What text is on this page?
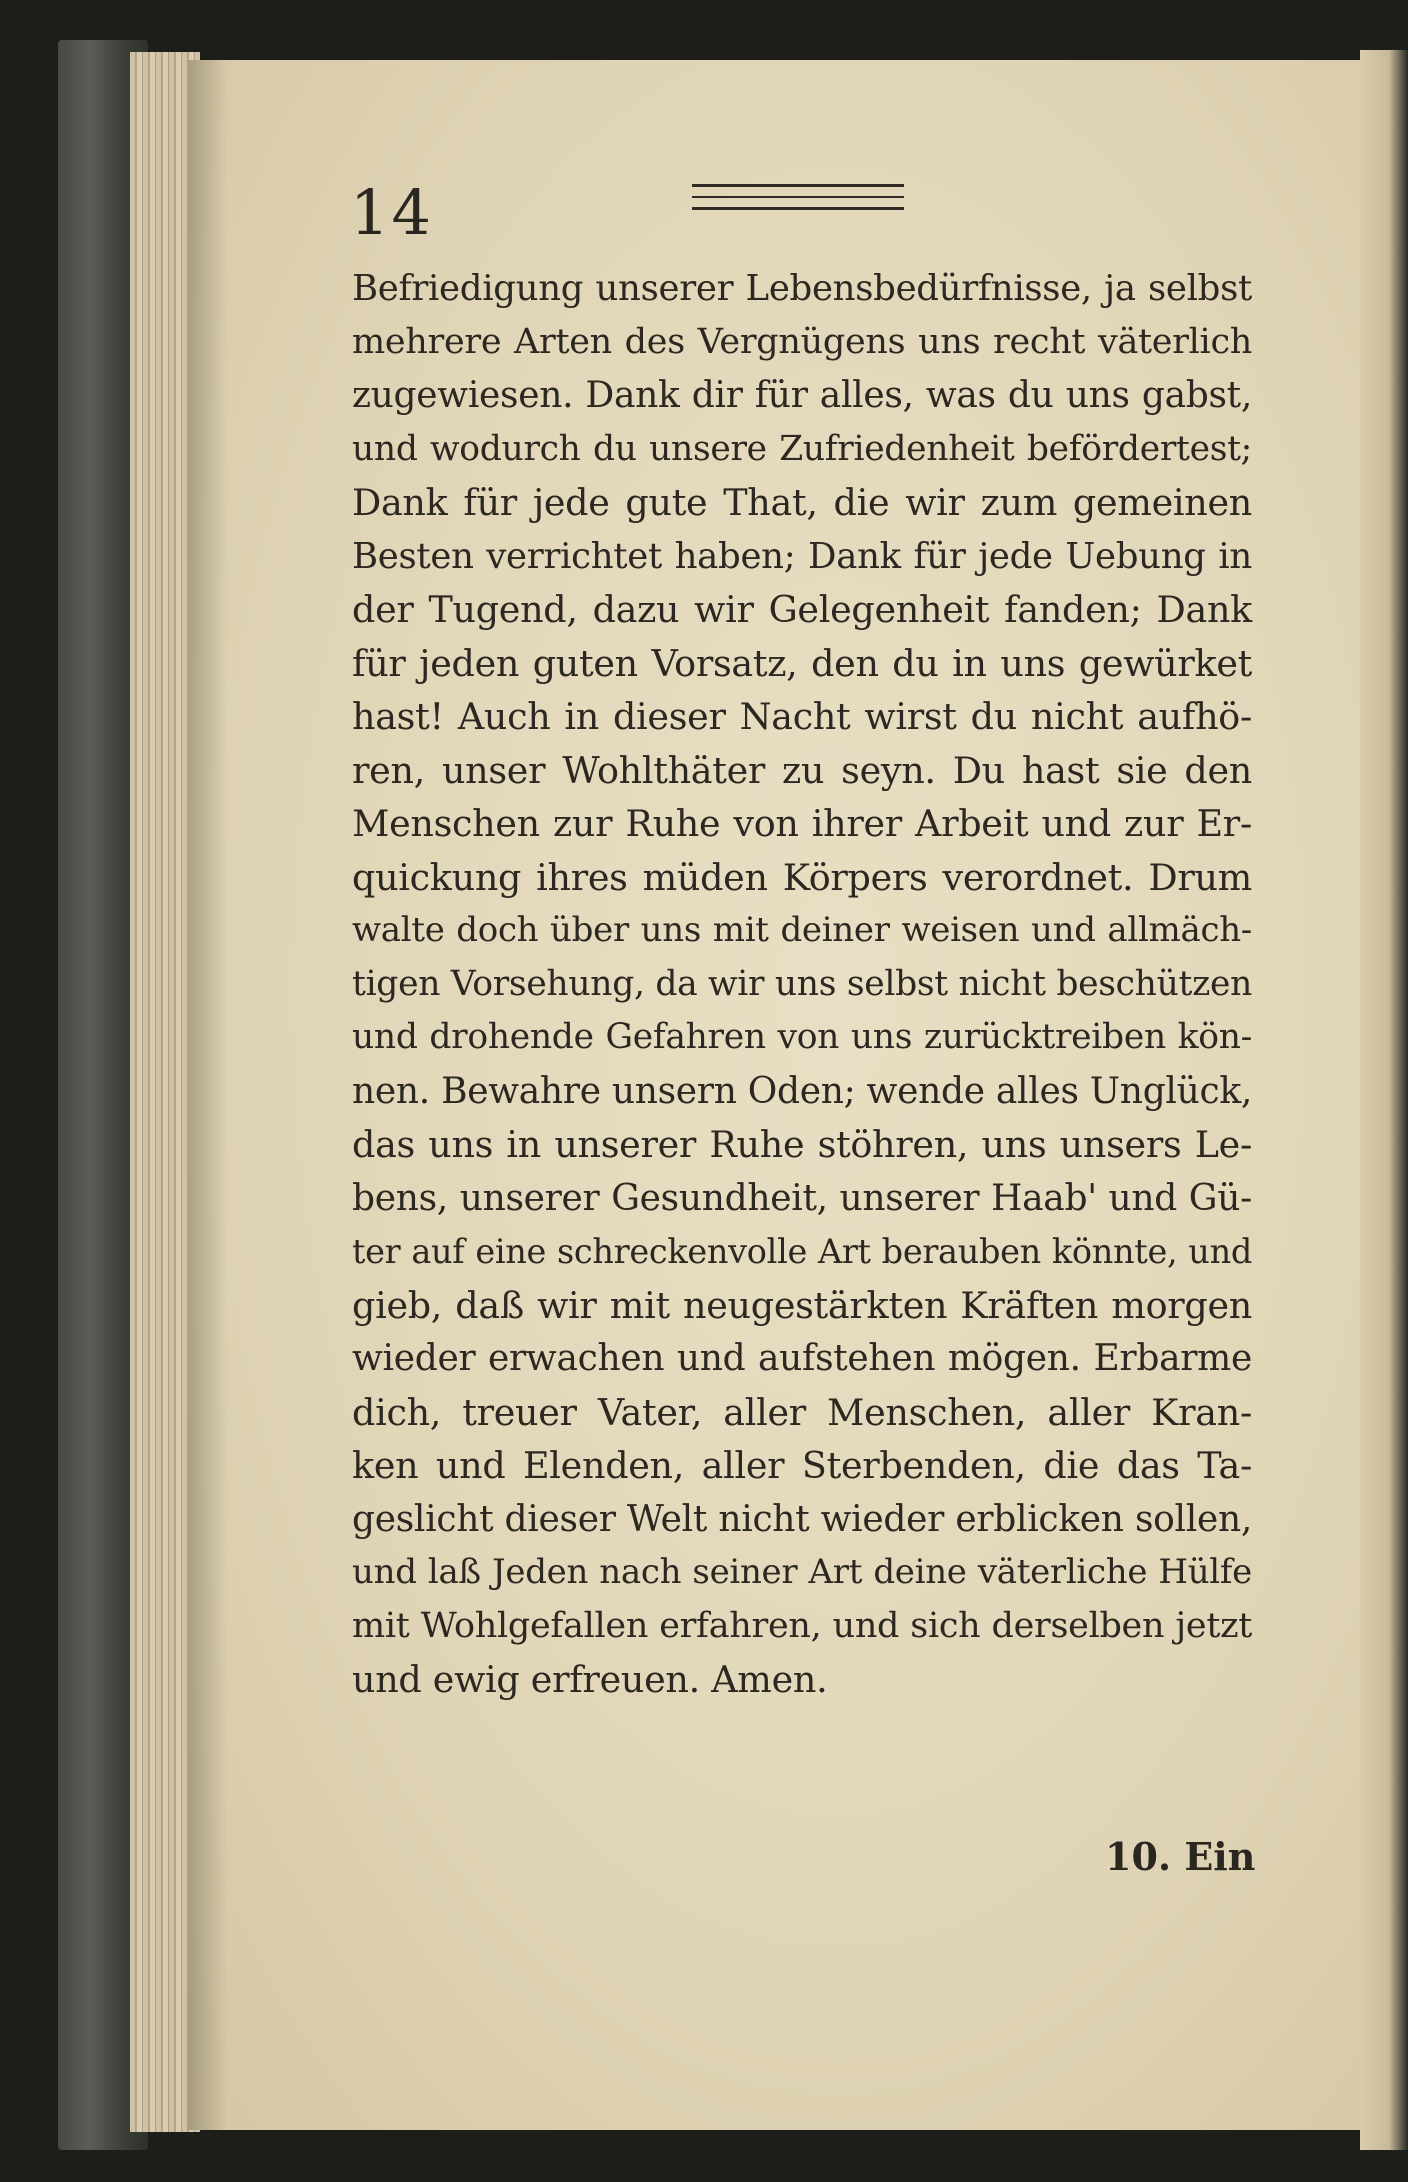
14
Befriedigung unserer Lebensbedürfnisse, ja selbst
mehrere Arten des Vergnügens uns recht väterlich
zugewiesen. Dank dir für alles, was du uns gabst,
und wodurch du unsere Zufriedenheit befördertest;
Dank für jede gute That, die wir zum gemeinen
Besten verrichtet haben; Dank für jede Uebung in
der Tugend, dazu wir Gelegenheit fanden; Dank
für jeden guten Vorsatz, den du in uns gewürket
hast! Auch in dieser Nacht wirst du nicht aufhö-
ren, unser Wohlthäter zu seyn. Du hast sie den
Menschen zur Ruhe von ihrer Arbeit und zur Er-
quickung ihres müden Körpers verordnet. Drum
walte doch über uns mit deiner weisen und allmäch-
tigen Vorsehung, da wir uns selbst nicht beschützen
und drohende Gefahren von uns zurücktreiben kön-
nen. Bewahre unsern Oden; wende alles Unglück,
das uns in unserer Ruhe stöhren, uns unsers Le-
bens, unserer Gesundheit, unserer Haab' und Gü-
ter auf eine schreckenvolle Art berauben könnte, und
gieb, daß wir mit neugestärkten Kräften morgen
wieder erwachen und aufstehen mögen. Erbarme
dich, treuer Vater, aller Menschen, aller Kran-
ken und Elenden, aller Sterbenden, die das Ta-
geslicht dieser Welt nicht wieder erblicken sollen,
und laß Jeden nach seiner Art deine väterliche Hülfe
mit Wohlgefallen erfahren, und sich derselben jetzt
und ewig erfreuen. Amen.
10. Ein
